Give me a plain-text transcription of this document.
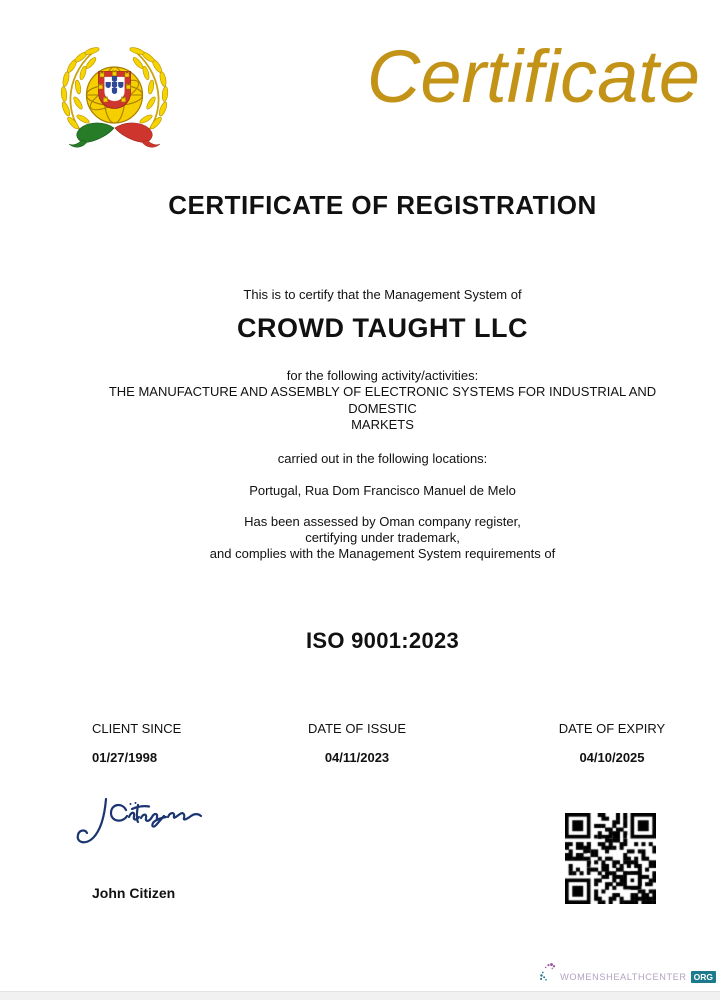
Certificate
CERTIFICATE OF REGISTRATION
This is to certify that the Management System of
CROWD TAUGHT LLC
for the following activity/activities:
THE MANUFACTURE AND ASSEMBLY OF ELECTRONIC SYSTEMS FOR INDUSTRIAL AND
DOMESTIC
MARKETS
carried out in the following locations:
Portugal, Rua Dom Francisco Manuel de Melo
Has been assessed by Oman company register,
certifying under trademark,
and complies with the Management System requirements of
ISO 9001:2023
CLIENT SINCE
01/27/1998
DATE OF ISSUE
04/11/2023
DATE OF EXPIRY
04/10/2025
John Citizen
WOMENSHEALTHCENTER ORG
